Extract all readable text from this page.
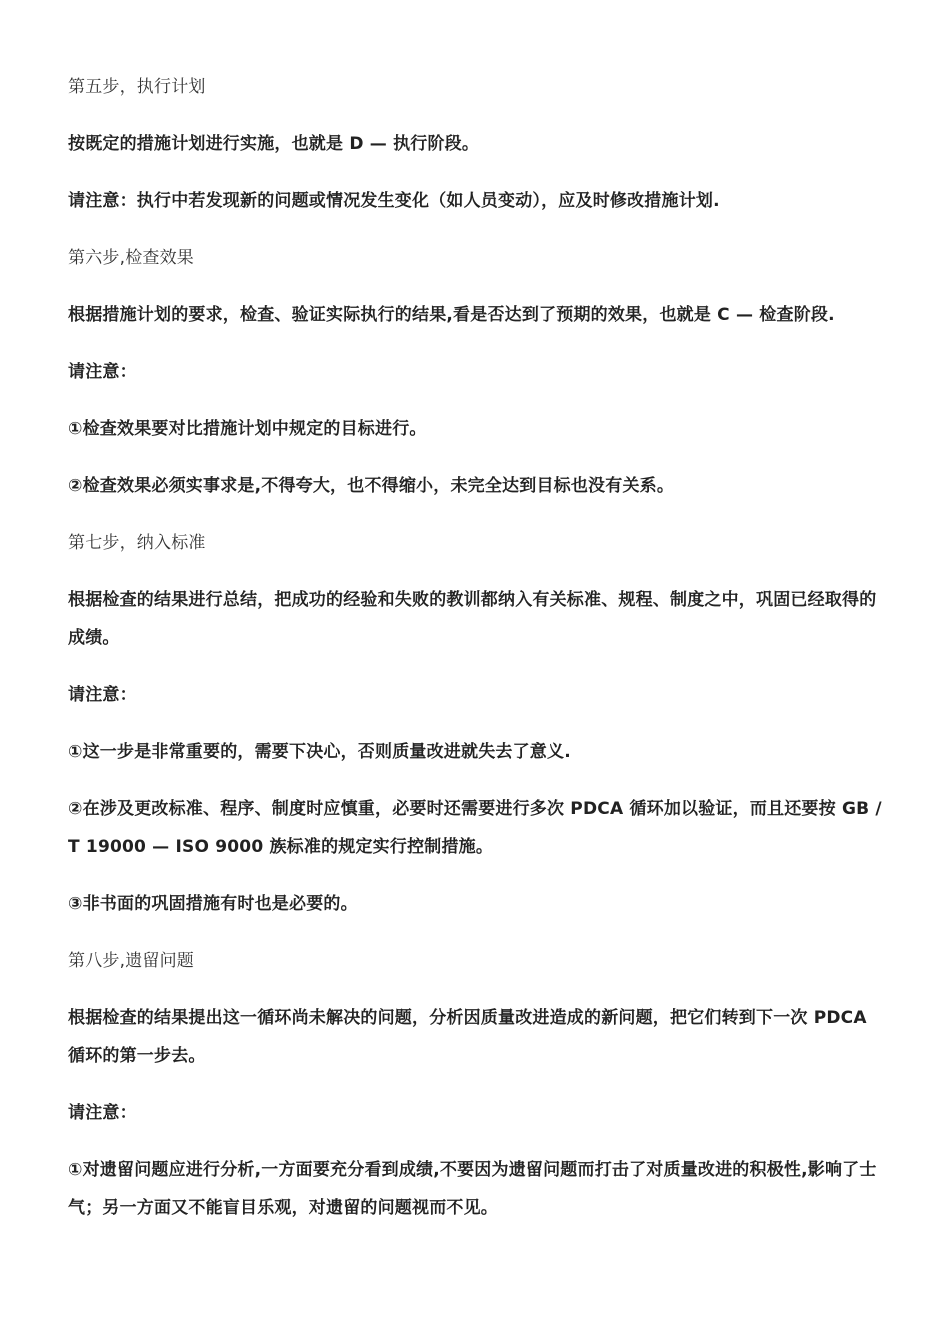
第五步，执行计划

按既定的措施计划进行实施，也就是 D — 执行阶段。

请注意：执行中若发现新的问题或情况发生变化（如人员变动），应及时修改措施计划.

第六步,检查效果

根据措施计划的要求，检查、验证实际执行的结果,看是否达到了预期的效果，也就是 C — 检查阶段.

请注意：

①检查效果要对比措施计划中规定的目标进行。

②检查效果必须实事求是,不得夸大，也不得缩小，未完全达到目标也没有关系。

第七步，纳入标准

根据检查的结果进行总结，把成功的经验和失败的教训都纳入有关标准、规程、制度之中，巩固已经取得的成绩。

请注意：

①这一步是非常重要的，需要下决心，否则质量改进就失去了意义.

②在涉及更改标准、程序、制度时应慎重，必要时还需要进行多次 PDCA 循环加以验证，而且还要按 GB / T 19000 — ISO 9000 族标准的规定实行控制措施。

③非书面的巩固措施有时也是必要的。

第八步,遗留问题

根据检查的结果提出这一循环尚未解决的问题，分析因质量改进造成的新问题，把它们转到下一次 PDCA 循环的第一步去。

请注意：

①对遗留问题应进行分析,一方面要充分看到成绩,不要因为遗留问题而打击了对质量改进的积极性,影响了士气；另一方面又不能盲目乐观，对遗留的问题视而不见。
